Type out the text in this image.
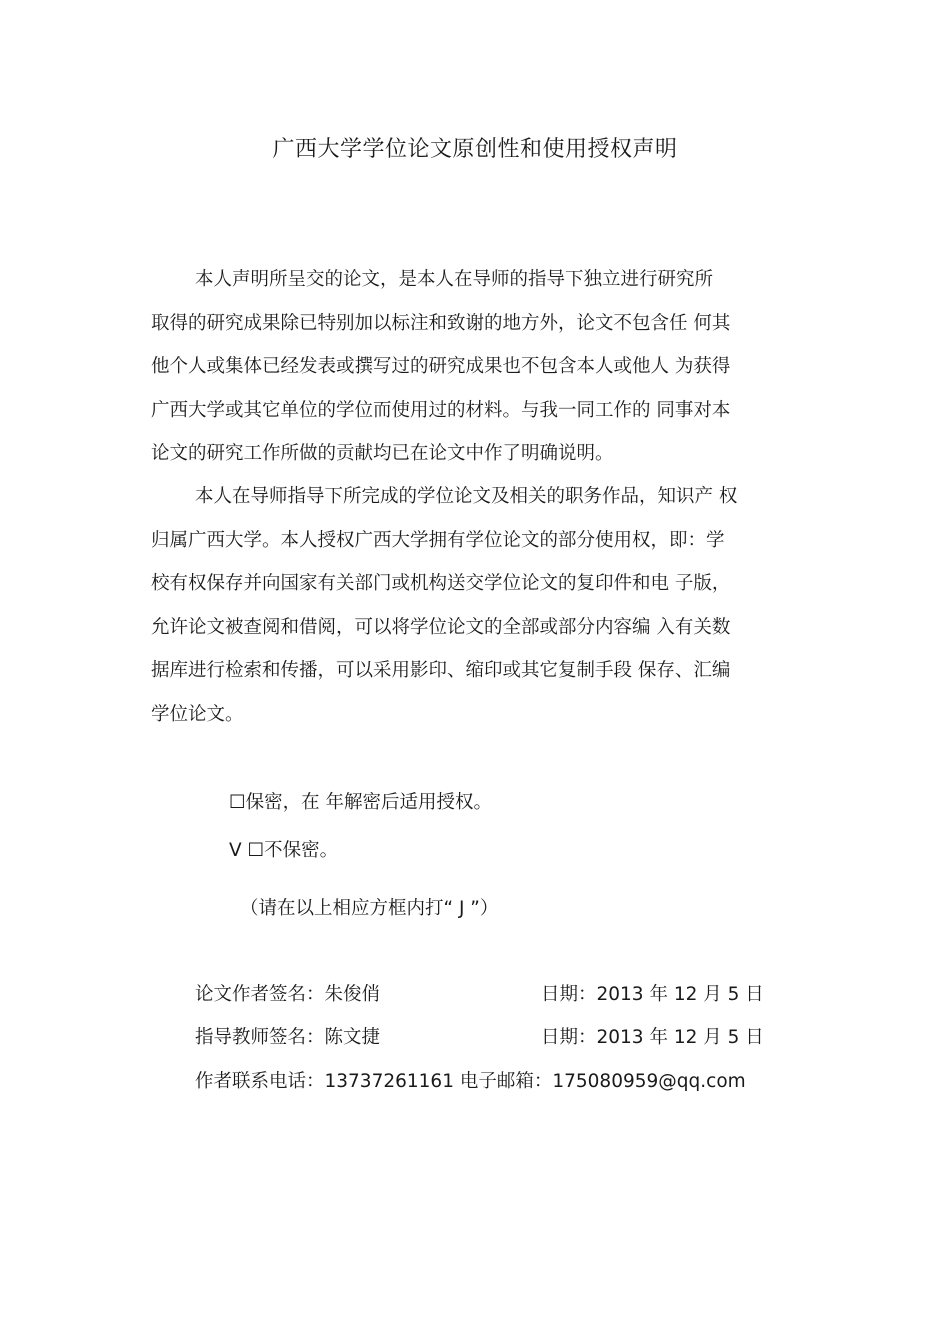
广西大学学位论文原创性和使用授权声明
本人声明所呈交的论文，是本人在导师的指导下独立进行研究所
取得的研究成果除已特别加以标注和致谢的地方外，论文不包含任 何其
他个人或集体已经发表或撰写过的研究成果也不包含本人或他人 为获得
广西大学或其它单位的学位而使用过的材料。与我一同工作的 同事对本
论文的研究工作所做的贡献均已在论文中作了明确说明。
本人在导师指导下所完成的学位论文及相关的职务作品，知识产 权
归属广西大学。本人授权广西大学拥有学位论文的部分使用权，即：学
校有权保存并向国家有关部门或机构送交学位论文的复印件和电 子版，
允许论文被查阅和借阅，可以将学位论文的全部或部分内容编 入有关数
据库进行检索和传播，可以采用影印、缩印或其它复制手段 保存、汇编
学位论文。
☐保密，在 年解密后适用授权。
V ☐不保密。
（请在以上相应方框内打“ J ”）
论文作者签名：朱俊俏	日期：2013 年 12 月 5 日
指导教师签名：陈文捷	日期：2013 年 12 月 5 日
作者联系电话：13737261161 电子邮箱：175080959@qq.com
